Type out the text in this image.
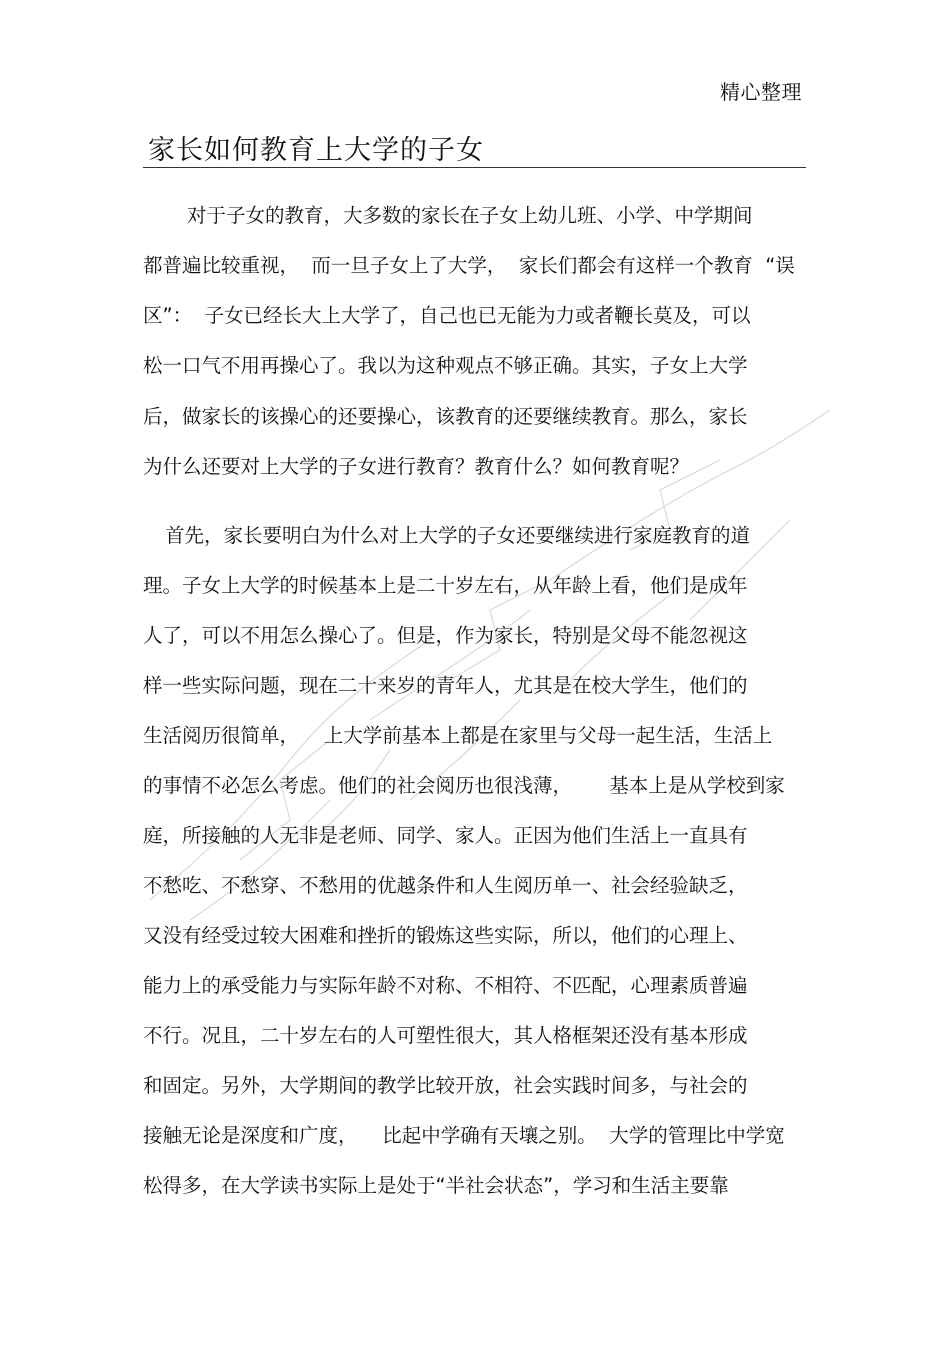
精心整理
家长如何教育上大学的子女
对于子女的教育，大多数的家长在子女上幼儿班、小学、中学期间
都普遍比较重视，  而一旦子女上了大学，  家长们都会有这样一个教育  “误
区”：  子女已经长大上大学了，自己也已无能为力或者鞭长莫及，可以
松一口气不用再操心了。我以为这种观点不够正确。其实，子女上大学
后，做家长的该操心的还要操心，该教育的还要继续教育。那么，家长
为什么还要对上大学的子女进行教育？教育什么？如何教育呢？
首先，家长要明白为什么对上大学的子女还要继续进行家庭教育的道
理。子女上大学的时候基本上是二十岁左右，从年龄上看，他们是成年
人了，可以不用怎么操心了。但是，作为家长，特别是父母不能忽视这
样一些实际问题，现在二十来岁的青年人，尤其是在校大学生，他们的
生活阅历很简单，    上大学前基本上都是在家里与父母一起生活，生活上
的事情不必怎么考虑。他们的社会阅历也很浅薄，      基本上是从学校到家
庭，所接触的人无非是老师、同学、家人。正因为他们生活上一直具有
不愁吃、不愁穿、不愁用的优越条件和人生阅历单一、社会经验缺乏，
又没有经受过较大困难和挫折的锻炼这些实际，所以，他们的心理上、
能力上的承受能力与实际年龄不对称、不相符、不匹配，心理素质普遍
不行。况且，二十岁左右的人可塑性很大，其人格框架还没有基本形成
和固定。另外，大学期间的教学比较开放，社会实践时间多，与社会的
接触无论是深度和广度，    比起中学确有天壤之别。  大学的管理比中学宽
松得多，在大学读书实际上是处于“半社会状态”，学习和生活主要靠
